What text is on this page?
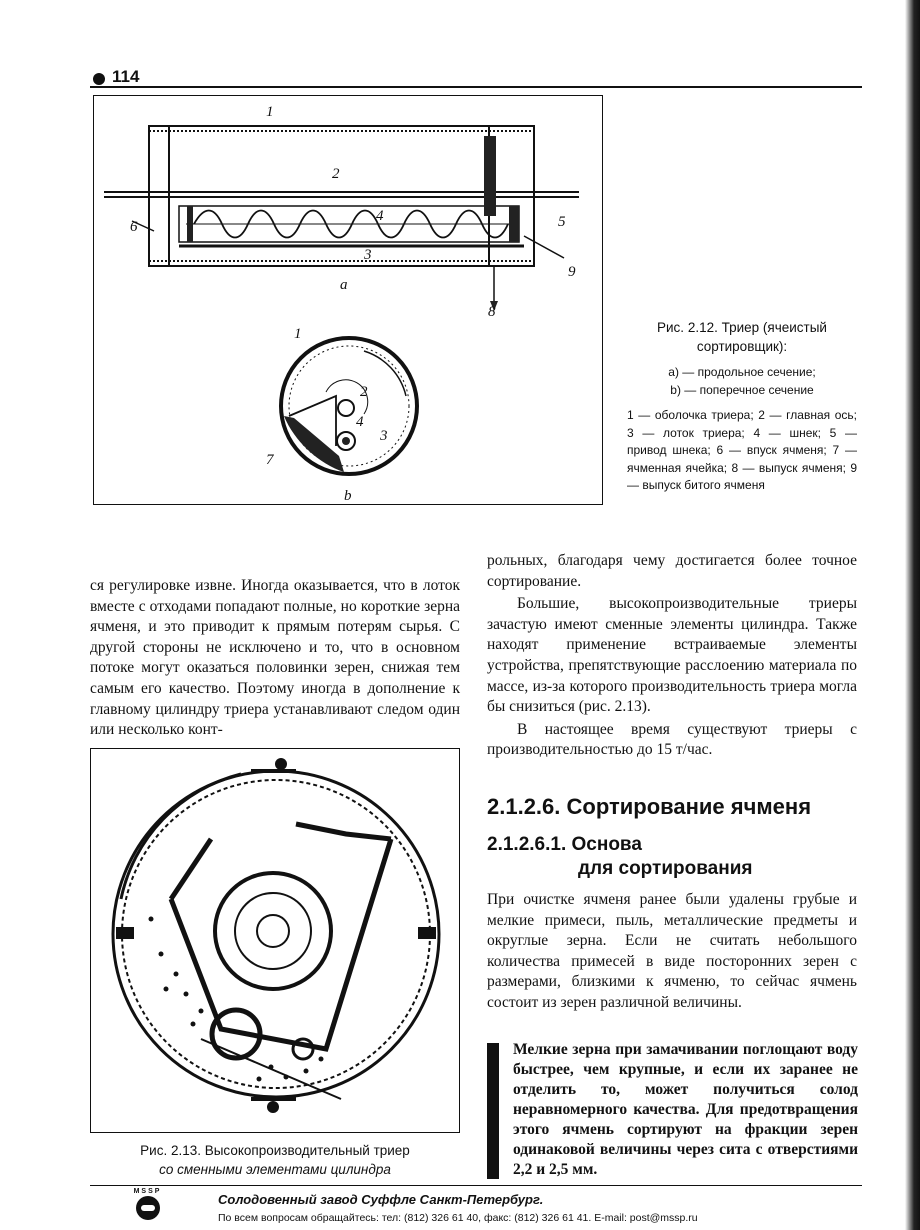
114
1
2
3
4	5
6
8
9
а
1
2
3
4
7
b
Рис. 2.12. Триер (ячеистый сортировщик):
а) — продольное сечение;
b) — поперечное сечение
1 — оболочка триера; 2 — главная ось; 3 — лоток триера; 4 — шнек; 5 — привод шнека; 6 — впуск ячменя; 7 — ячменная ячейка; 8 — выпуск ячменя; 9 — выпуск битого ячменя

ся регулировке извне. Иногда оказывается, что в лоток вместе с отходами попадают полные, но короткие зерна ячменя, и это приводит к прямым потерям сырья. С другой стороны не исключено и то, что в основном потоке могут оказаться половинки зерен, снижая тем самым его качество. Поэтому иногда в дополнение к главному цилиндру триера устанавливают следом один или несколько конт-

Рис. 2.13. Высокопроизводительный триер
со сменными элементами цилиндра

рольных, благодаря чему достигается более точное сортирование.

Большие, высокопроизводительные триеры зачастую имеют сменные элементы цилиндра. Также находят применение встраиваемые элементы устройства, препятствующие расслоению материала по массе, из-за которого производительность триера могла бы снизиться (рис. 2.13).

В настоящее время существуют триеры с производительностью до 15 т/час.

2.1.2.6. Сортирование ячменя
2.1.2.6.1. Основа
для сортирования

При очистке ячменя ранее были удалены грубые и мелкие примеси, пыль, металлические предметы и округлые зерна. Если не считать небольшого количества примесей в виде посторонних зерен с размерами, близкими к ячменю, то сейчас ячмень состоит из зерен различной величины.

Мелкие зерна при замачивании поглощают воду быстрее, чем крупные, и если их заранее не отделить то, может получиться солод неравномерного качества. Для предотвращения этого ячмень сортируют на фракции зерен одинаковой величины через сита с отверстиями 2,2 и 2,5 мм.

MSSP
Солодовенный завод Суффле Санкт-Петербург.
По всем вопросам обращайтесь: тел: (812) 326 61 40, факс: (812) 326 61 41. E-mail: post@mssp.ru
